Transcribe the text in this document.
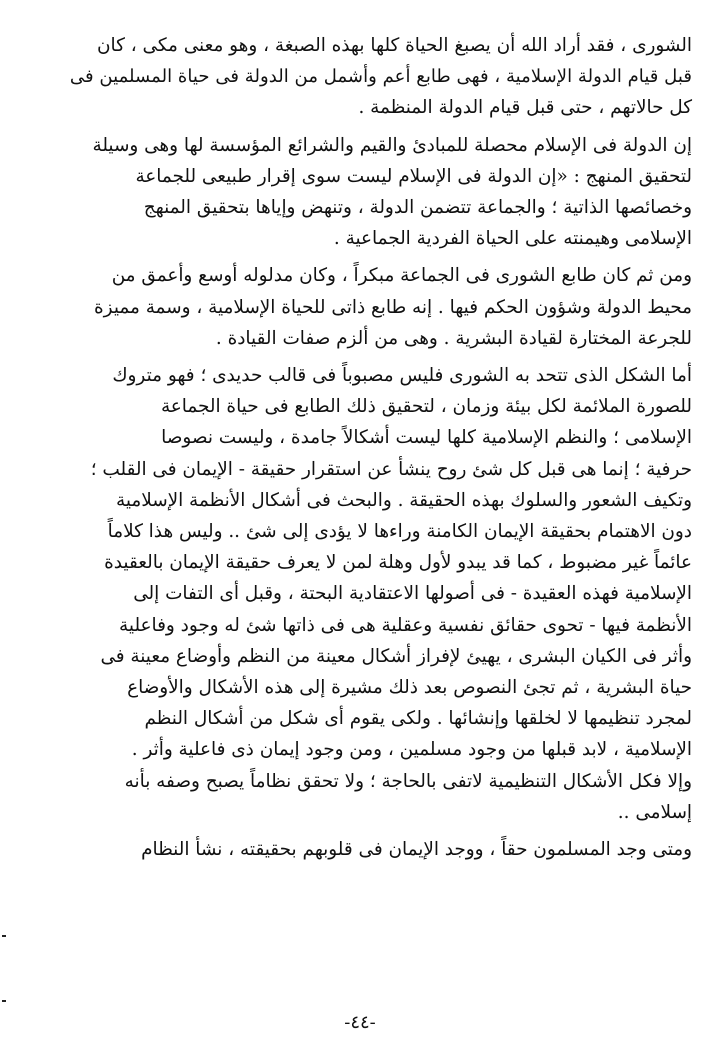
الشورى ، فقد أراد الله أن يصبغ الحياة كلها بهذه الصبغة ، وهو معنى مكى ، كان
قبل قيام الدولة الإسلامية ، فهى طابع أعم وأشمل من الدولة فى حياة المسلمين فى
كل حالاتهم ، حتى قبل قيام الدولة المنظمة .

إن الدولة فى الإسلام محصلة للمبادئ والقيم والشرائع المؤسسة لها وهى وسيلة
لتحقيق المنهج : «إن الدولة فى الإسلام ليست سوى إقرار طبيعى للجماعة
وخصائصها الذاتية ؛ والجماعة تتضمن الدولة ، وتنهض وإياها بتحقيق المنهج
الإسلامى وهيمنته على الحياة الفردية الجماعية .

ومن ثم كان طابع الشورى فى الجماعة مبكراً ، وكان مدلوله أوسع وأعمق من
محيط الدولة وشؤون الحكم فيها . إنه طابع ذاتى للحياة الإسلامية ، وسمة مميزة
للجرعة المختارة لقيادة البشرية . وهى من ألزم صفات القيادة .

أما الشكل الذى تتحد به الشورى فليس مصبوباً فى قالب حديدى ؛ فهو متروك
للصورة الملائمة لكل بيئة وزمان ، لتحقيق ذلك الطابع فى حياة الجماعة
الإسلامى ؛ والنظم الإسلامية كلها ليست أشكالاً جامدة ، وليست نصوصا
حرفية ؛ إنما هى قبل كل شئ روح ينشأ عن استقرار حقيقة - الإيمان فى القلب ؛
وتكيف الشعور والسلوك بهذه الحقيقة . والبحث فى أشكال الأنظمة الإسلامية
دون الاهتمام بحقيقة الإيمان الكامنة وراءها لا يؤدى إلى شئ .. وليس هذا كلاماً
عائماً غير مضبوط ، كما قد يبدو لأول وهلة لمن لا يعرف حقيقة الإيمان بالعقيدة
الإسلامية فهذه العقيدة - فى أصولها الاعتقادية البحتة ، وقبل أى التفات إلى
الأنظمة فيها - تحوى حقائق نفسية وعقلية هى فى ذاتها شئ له وجود وفاعلية
وأثر فى الكيان البشرى ، يهيئ لإفراز أشكال معينة من النظم وأوضاع معينة فى
حياة البشرية ، ثم تجئ النصوص بعد ذلك مشيرة إلى هذه الأشكال والأوضاع
لمجرد تنظيمها لا لخلقها وإنشائها . ولكى يقوم أى شكل من أشكال النظم
الإسلامية ، لابد قبلها من وجود مسلمين ، ومن وجود إيمان ذى فاعلية وأثر .
وإلا فكل الأشكال التنظيمية لاتفى بالحاجة ؛ ولا تحقق نظاماً يصبح وصفه بأنه
إسلامى ..

ومتى وجد المسلمون حقاً ، ووجد الإيمان فى قلوبهم بحقيقته ، نشأ النظام

-٤٤-
